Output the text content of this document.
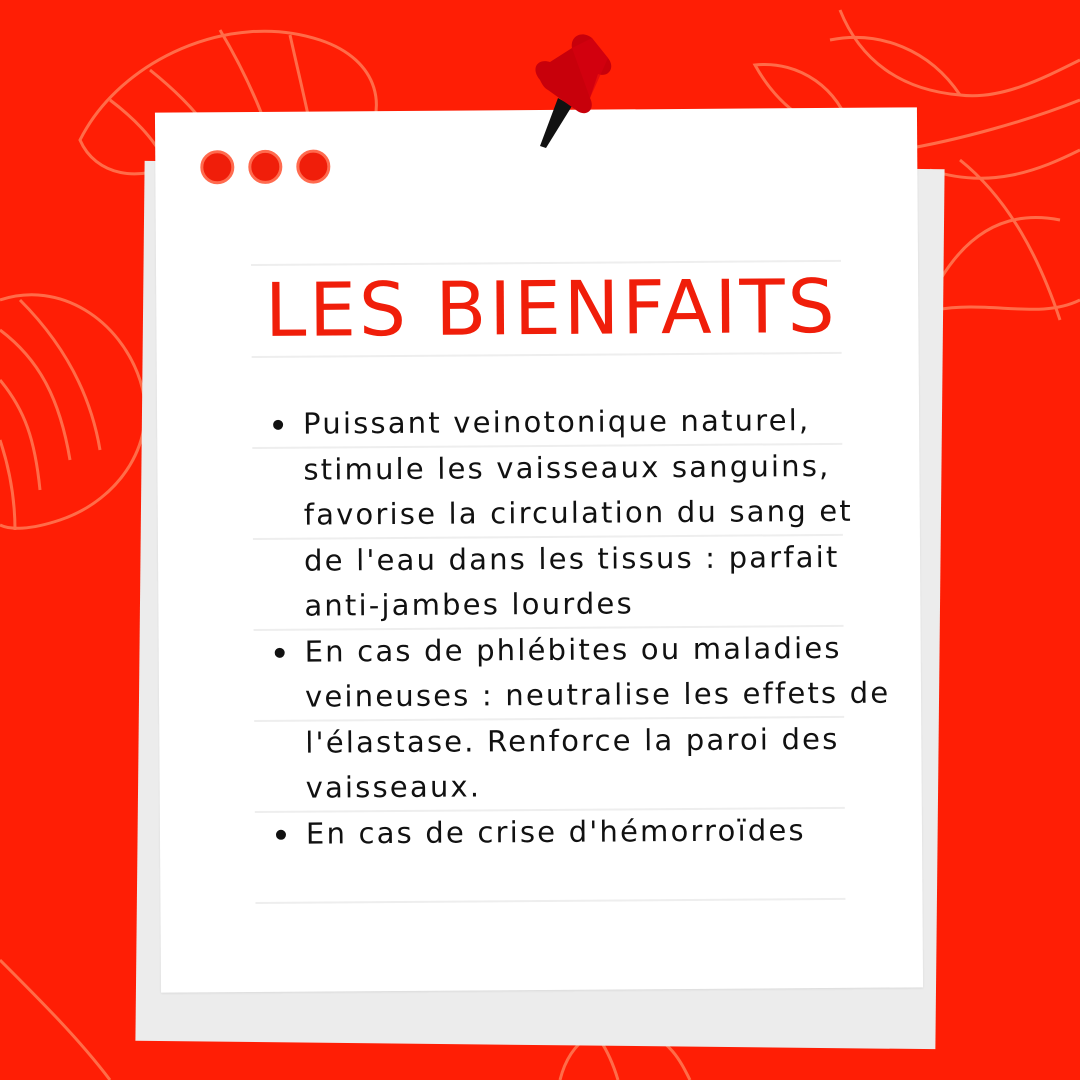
LES BIENFAITS
Puissant veinotonique naturel, stimule les vaisseaux sanguins, favorise la circulation du sang et de l'eau dans les tissus : parfait anti-jambes lourdes
En cas de phlébites ou maladies veineuses : neutralise les effets de l'élastase. Renforce la paroi des vaisseaux.
En cas de crise d'hémorroïdes
